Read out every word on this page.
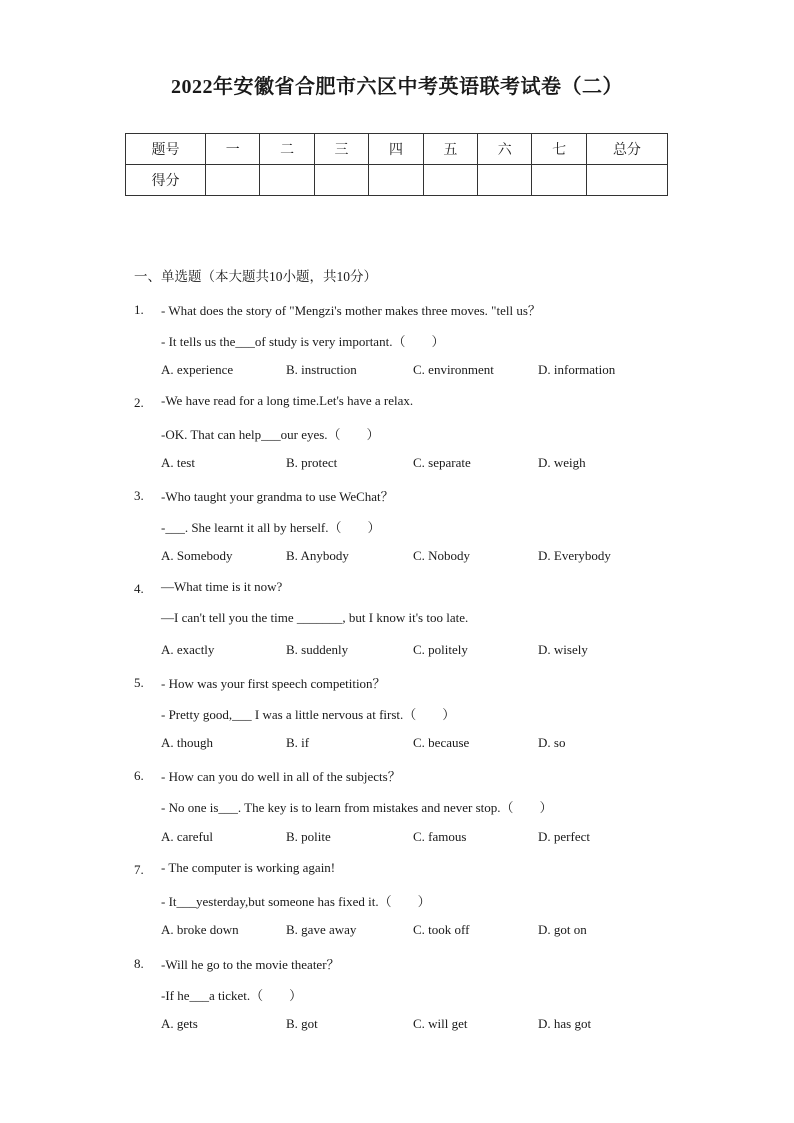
2022年安徽省合肥市六区中考英语联考试卷（二）
题号	一	二	三	四	五	六	七	总分
得分								
一、单选题（本大题共10小题，共10分）
1. - What does the story of "Mengzi's mother makes three moves. "tell us？
- It tells us the___of study is very important.（　　）
A. experience	B. instruction	C. environment	D. information
2. -We have read for a long time.Let's have a relax.
-OK. That can help___our eyes.（　　）
A. test	B. protect	C. separate	D. weigh
3. -Who taught your grandma to use WeChat？
-___. She learnt it all by herself.（　　）
A. Somebody	B. Anybody	C. Nobody	D. Everybody
4. —What time is it now?
—I can't tell you the time _______, but I know it's too late.
A. exactly	B. suddenly	C. politely	D. wisely
5. - How was your first speech competition？
- Pretty good,___ I was a little nervous at first.（　　）
A. though	B. if	C. because	D. so
6. - How can you do well in all of the subjects？
- No one is___. The key is to learn from mistakes and never stop.（　　）
A. careful	B. polite	C. famous	D. perfect
7. - The computer is working again!
- It___yesterday,but someone has fixed it.（　　）
A. broke down	B. gave away	C. took off	D. got on
8. -Will he go to the movie theater？
-If he___a ticket.（　　）
A. gets	B. got	C. will get	D. has got
